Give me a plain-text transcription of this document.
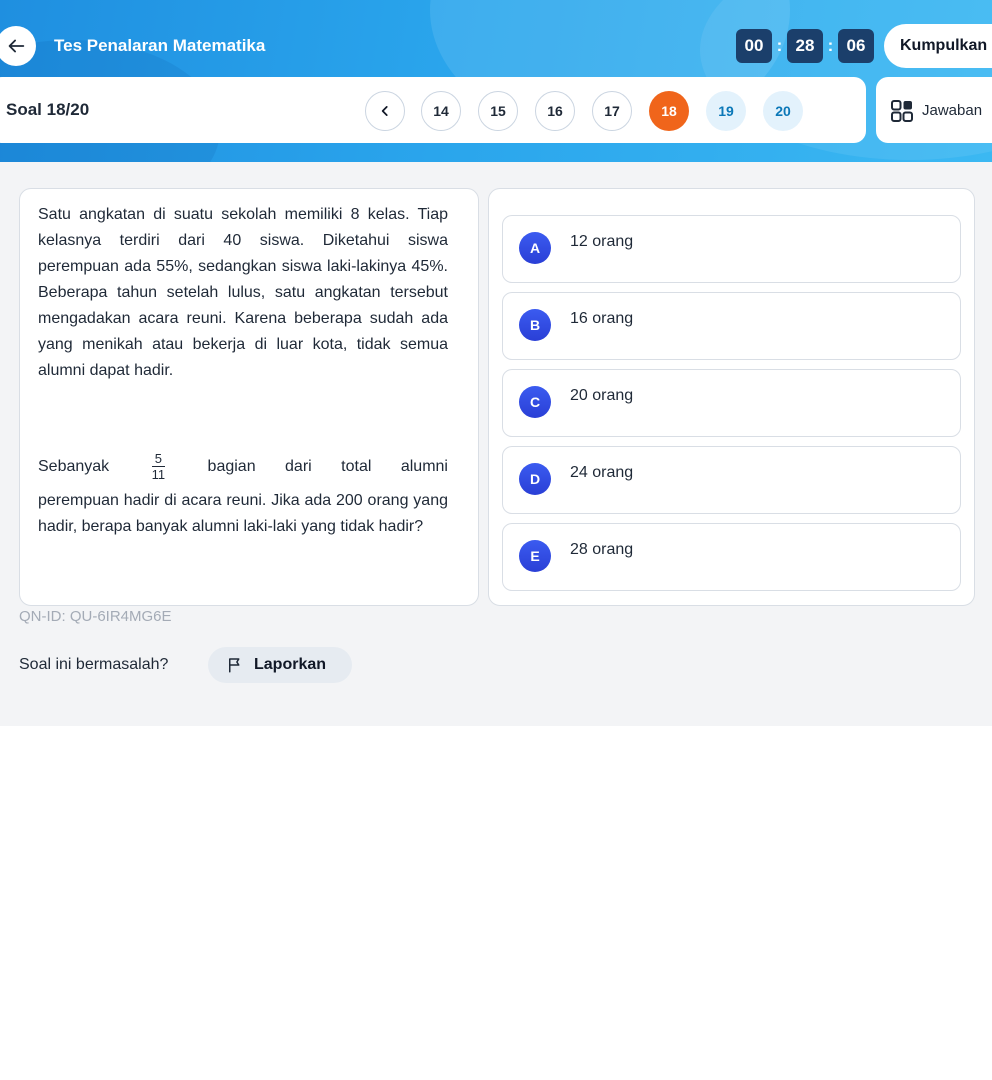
Tes Penalaran Matematika	00 : 28 : 06	Kumpulkan
Soal 18/20	14	15	16	17	18	19	20	Jawaban
Satu angkatan di suatu sekolah memiliki 8 kelas. Tiap kelasnya terdiri dari 40 siswa. Diketahui siswa perempuan ada 55%, sedangkan siswa laki-lakinya 45%. Beberapa tahun setelah lulus, satu angkatan tersebut mengadakan acara reuni. Karena beberapa sudah ada yang menikah atau bekerja di luar kota, tidak semua alumni dapat hadir.
Sebanyak	$\frac{5}{11}$ bagian dari total alumni
perempuan hadir di acara reuni. Jika ada 200 orang yang hadir, berapa banyak alumni laki-laki yang tidak hadir?
A	12 orang
B	16 orang
C	20 orang
D	24 orang
E	28 orang
QN-ID: QU-6IR4MG6E
Soal ini bermasalah?	Laporkan
